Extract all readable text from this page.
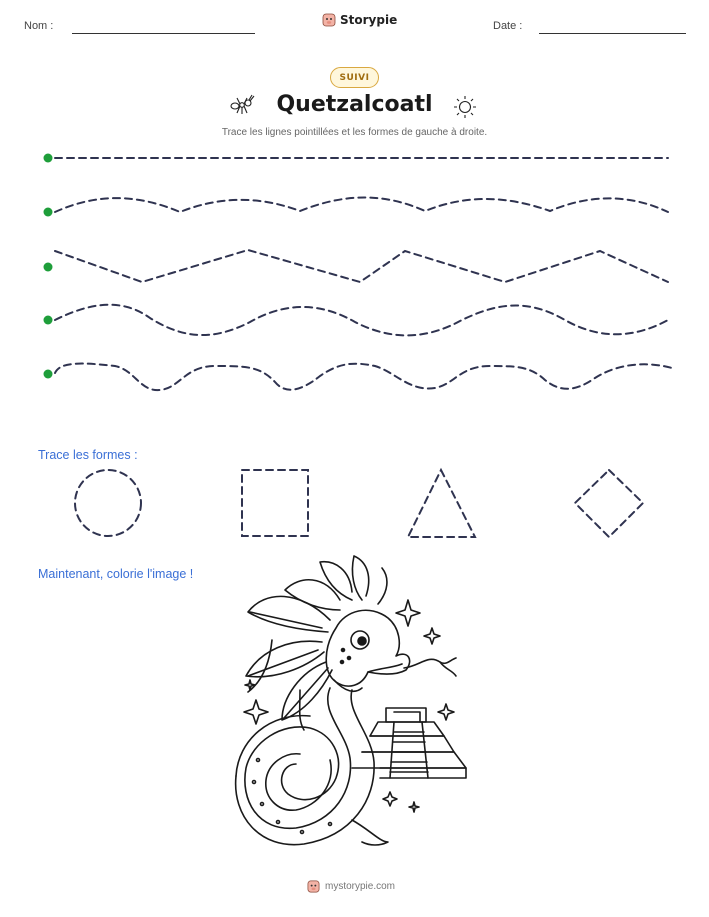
Nom :	Date :
Storypie
SUIVI
Quetzalcoatl
Trace les lignes pointillées et les formes de gauche à droite.
Trace les formes :
Maintenant, colorie l'image !
mystorypie.com
